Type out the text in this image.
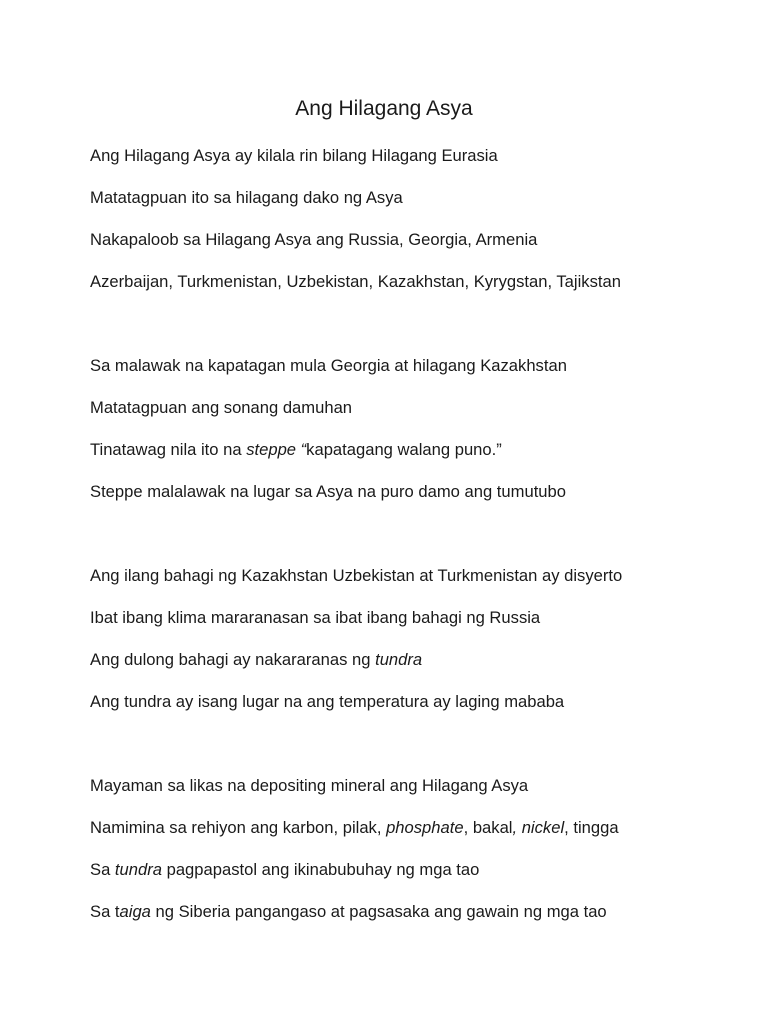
Ang Hilagang Asya

Ang Hilagang Asya ay kilala rin bilang Hilagang Eurasia

Matatagpuan ito sa hilagang dako ng Asya

Nakapaloob sa Hilagang Asya ang Russia, Georgia, Armenia

Azerbaijan, Turkmenistan, Uzbekistan, Kazakhstan, Kyrygstan, Tajikstan

Sa malawak na kapatagan mula Georgia at hilagang Kazakhstan

Matatagpuan ang sonang damuhan

Tinatawag nila ito na steppe “kapatagang walang puno.”

Steppe malalawak na lugar sa Asya na puro damo ang tumutubo

Ang ilang bahagi ng Kazakhstan Uzbekistan at Turkmenistan ay disyerto

Ibat ibang klima mararanasan sa ibat ibang bahagi ng Russia

Ang dulong bahagi ay nakararanas ng tundra

Ang tundra ay isang lugar na ang temperatura ay laging mababa

Mayaman sa likas na depositing mineral ang Hilagang Asya

Namimina sa rehiyon ang karbon, pilak, phosphate, bakal, nickel, tingga

Sa tundra pagpapastol ang ikinabubuhay ng mga tao

Sa taiga ng Siberia pangangaso at pagsasaka ang gawain ng mga tao
